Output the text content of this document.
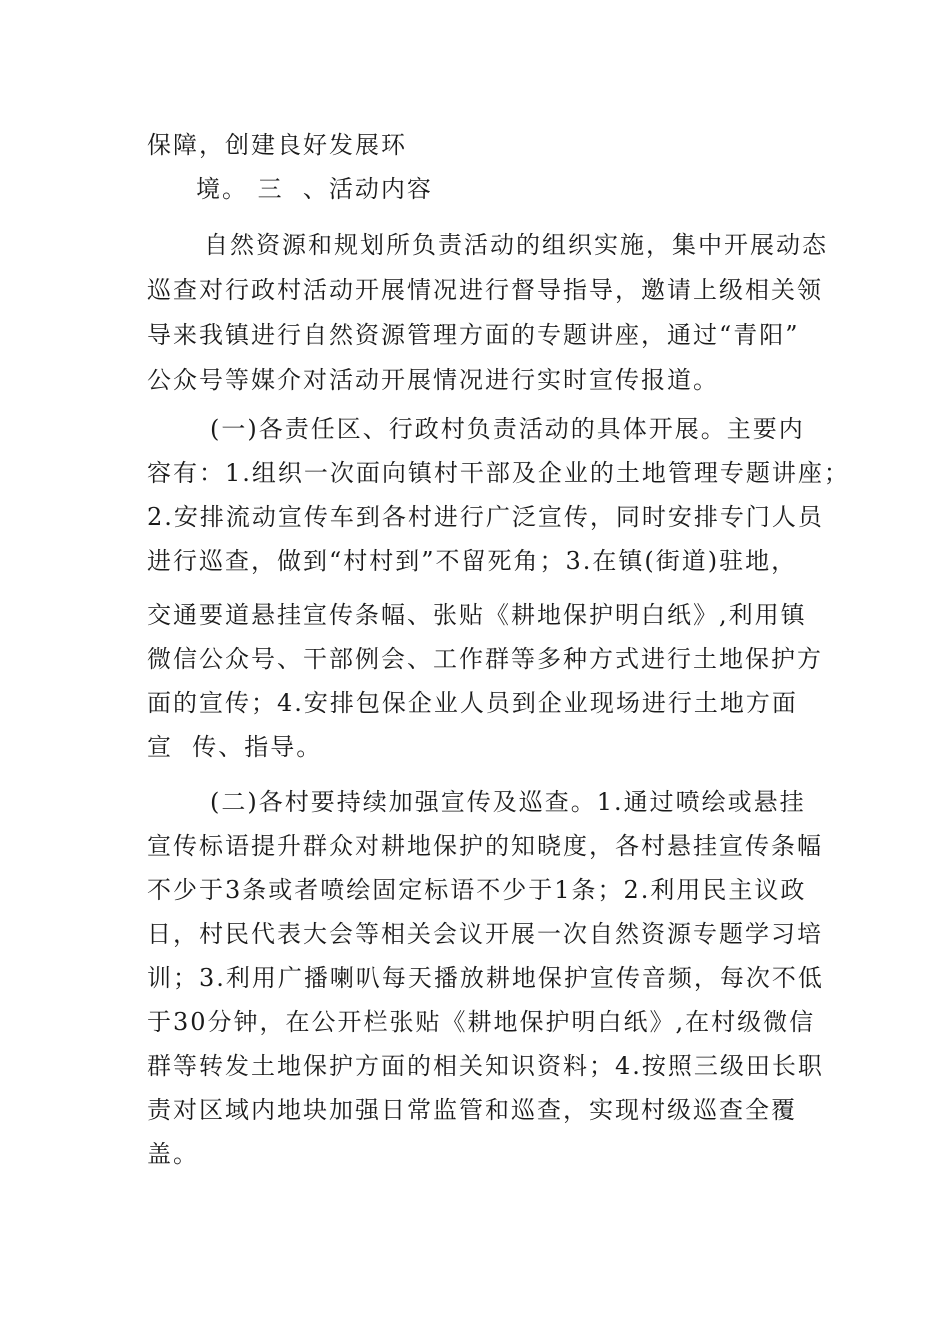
保障，创建良好发展环
境。 三  、活动内容
自然资源和规划所负责活动的组织实施，集中开展动态
巡查对行政村活动开展情况进行督导指导，邀请上级相关领
导来我镇进行自然资源管理方面的专题讲座，通过“青阳”
公众号等媒介对活动开展情况进行实时宣传报道。
(一)各责任区、行政村负责活动的具体开展。主要内
容有：1.组织一次面向镇村干部及企业的土地管理专题讲座；
2.安排流动宣传车到各村进行广泛宣传，同时安排专门人员
进行巡查，做到“村村到”不留死角；3.在镇(街道)驻地，
交通要道悬挂宣传条幅、张贴《耕地保护明白纸》,利用镇
微信公众号、干部例会、工作群等多种方式进行土地保护方
面的宣传；4.安排包保企业人员到企业现场进行土地方面
宣  传、指导。
(二)各村要持续加强宣传及巡查。1.通过喷绘或悬挂
宣传标语提升群众对耕地保护的知晓度，各村悬挂宣传条幅
不少于3条或者喷绘固定标语不少于1条；2.利用民主议政
日，村民代表大会等相关会议开展一次自然资源专题学习培
训；3.利用广播喇叭每天播放耕地保护宣传音频，每次不低
于30分钟，在公开栏张贴《耕地保护明白纸》,在村级微信
群等转发土地保护方面的相关知识资料；4.按照三级田长职
责对区域内地块加强日常监管和巡查，实现村级巡查全覆
盖。
